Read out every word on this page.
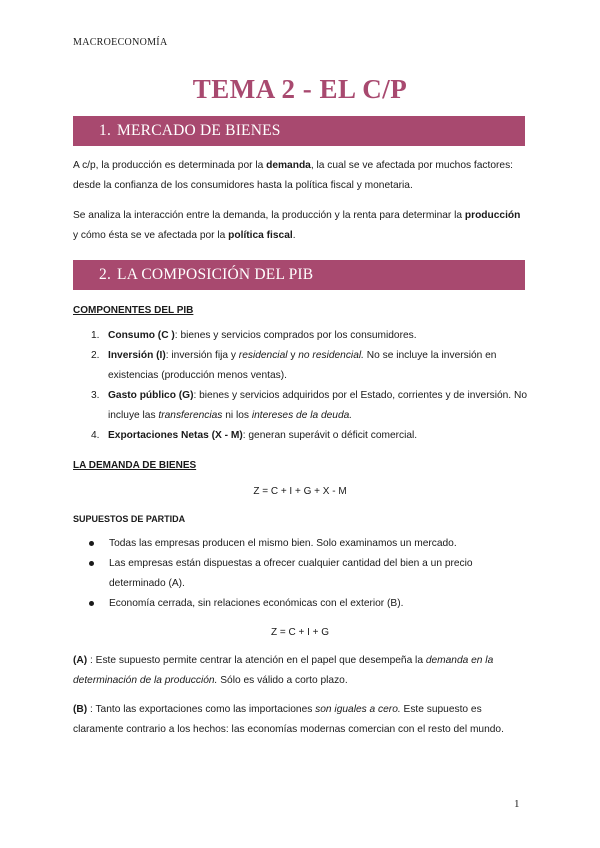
MACROECONOMÍA
TEMA 2 - EL C/P
1. MERCADO DE BIENES
A c/p, la producción es determinada por la demanda, la cual se ve afectada por muchos factores: desde la confianza de los consumidores hasta la política fiscal y monetaria.
Se analiza la interacción entre la demanda, la producción y la renta para determinar la producción y cómo ésta se ve afectada por la política fiscal.
2. LA COMPOSICIÓN DEL PIB
COMPONENTES DEL PIB
1. Consumo (C ): bienes y servicios comprados por los consumidores.
2. Inversión (I): inversión fija y residencial y no residencial. No se incluye la inversión en existencias (producción menos ventas).
3. Gasto público (G): bienes y servicios adquiridos por el Estado, corrientes y de inversión. No incluye las transferencias ni los intereses de la deuda.
4. Exportaciones Netas (X - M): generan superávit o déficit comercial.
LA DEMANDA DE BIENES
Z = C + I + G + X - M
SUPUESTOS DE PARTIDA
Todas las empresas producen el mismo bien. Solo examinamos un mercado.
Las empresas están dispuestas a ofrecer cualquier cantidad del bien a un precio determinado (A).
Economía cerrada, sin relaciones económicas con el exterior (B).
Z = C + I + G
(A) : Este supuesto permite centrar la atención en el papel que desempeña la demanda en la determinación de la producción. Sólo es válido a corto plazo.
(B) : Tanto las exportaciones como las importaciones son iguales a cero. Este supuesto es claramente contrario a los hechos: las economías modernas comercian con el resto del mundo.
1
